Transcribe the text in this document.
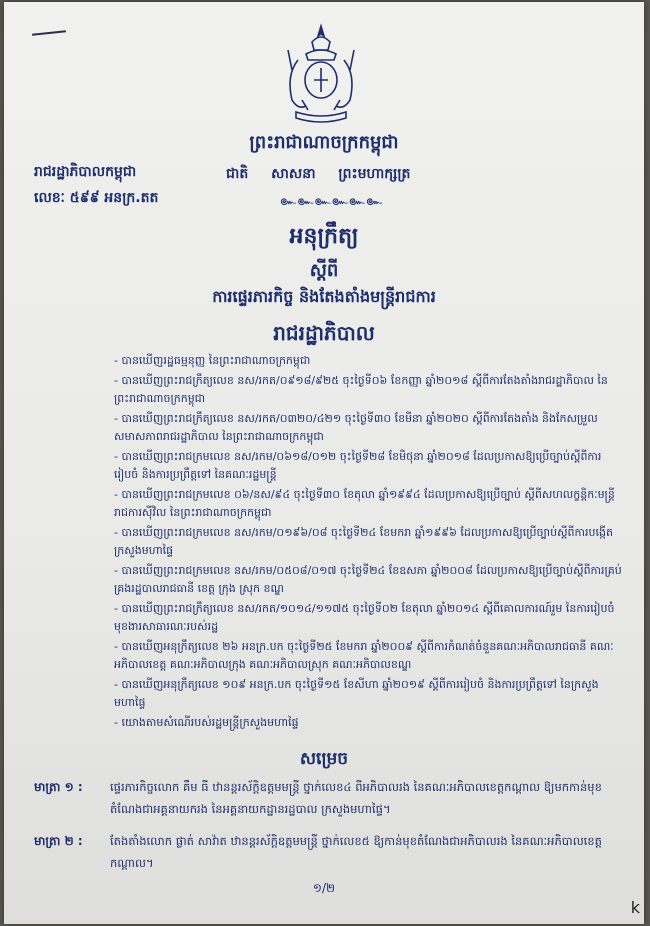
ព្រះរាជាណាចក្រកម្ពុជា
រាជរដ្ឋាភិបាលកម្ពុជា	ជាតិ សាសនា ព្រះមហាក្សត្រ
លេខៈ ៥៩៩ អនក្រ.តត	๛๛๛๛๛๛
អនុក្រឹត្យ
ស្តីពី
ការផ្ទេរភារកិច្ច និងតែងតាំងមន្ត្រីរាជការ
រាជរដ្ឋាភិបាល

- បានឃើញរដ្ឋធម្មនុញ្ញ នៃព្រះរាជាណាចក្រកម្ពុជា

- បានឃើញព្រះរាជក្រឹត្យលេខ នស/រកត/០៩១៨/៩២៥ ចុះថ្ងៃទី០៦ ខែកញ្ញា ឆ្នាំ២០១៨ ស្តីពីការតែងតាំងរាជរដ្ឋាភិបាល នៃព្រះរាជាណាចក្រកម្ពុជា

- បានឃើញព្រះរាជក្រឹត្យលេខ នស/រកត/០៣២០/៤២១ ចុះថ្ងៃទី៣០ ខែមីនា ឆ្នាំ២០២០ ស្តីពីការតែងតាំង និងកែសម្រួលសមាសភាពរាជរដ្ឋាភិបាល នៃព្រះរាជាណាចក្រកម្ពុជា

- បានឃើញព្រះរាជក្រមលេខ នស/រកម/០៦១៨/០១២ ចុះថ្ងៃទី២៨ ខែមិថុនា ឆ្នាំ២០១៨ ដែលប្រកាសឱ្យប្រើច្បាប់ស្តីពីការរៀបចំ និងការប្រព្រឹត្តទៅ នៃគណៈរដ្ឋមន្ត្រី

- បានឃើញព្រះរាជក្រមលេខ ០៦/នស/៩៤ ចុះថ្ងៃទី៣០ ខែតុលា ឆ្នាំ១៩៩៤ ដែលប្រកាសឱ្យប្រើច្បាប់ ស្តីពីសហលក្ខន្តិកៈមន្ត្រីរាជការស៊ីវិល នៃព្រះរាជាណាចក្រកម្ពុជា

- បានឃើញព្រះរាជក្រមលេខ នស/រកម/០១៩៦/០៨ ចុះថ្ងៃទី២៤ ខែមករា ឆ្នាំ១៩៩៦ ដែលប្រកាសឱ្យប្រើច្បាប់ស្តីពីការបង្កើតក្រសួងមហាផ្ទៃ

- បានឃើញព្រះរាជក្រមលេខ នស/រកម/០៥០៨/០១៧ ចុះថ្ងៃទី២៤ ខែឧសភា ឆ្នាំ២០០៨ ដែលប្រកាសឱ្យប្រើច្បាប់ស្តីពីការគ្រប់គ្រងរដ្ឋបាលរាជធានី ខេត្ត ក្រុង ស្រុក ខណ្ឌ

- បានឃើញព្រះរាជក្រឹត្យលេខ នស/រកត/១០១៤/១១៧៥ ចុះថ្ងៃទី០២ ខែតុលា ឆ្នាំ២០១៤ ស្តីពីគោលការណ៍រួម នៃការរៀបចំមុខងារសាធារណៈរបស់រដ្ឋ

- បានឃើញអនុក្រឹត្យលេខ ២៦ អនក្រ.បក ចុះថ្ងៃទី២៥ ខែមករា ឆ្នាំ២០០៩ ស្តីពីការកំណត់ចំនួនគណៈអភិបាលរាជធានី គណៈអភិបាលខេត្ត គណៈអភិបាលក្រុង គណៈអភិបាលស្រុក គណៈអភិបាលខណ្ឌ

- បានឃើញអនុក្រឹត្យលេខ ១០៩ អនក្រ.បក ចុះថ្ងៃទី១៥ ខែសីហា ឆ្នាំ២០១៩ ស្តីពីការរៀបចំ និងការប្រព្រឹត្តទៅ នៃក្រសួងមហាផ្ទៃ

- យោងតាមសំណើរបស់រដ្ឋមន្ត្រីក្រសួងមហាផ្ទៃ

សម្រេច
មាត្រា ១ : ផ្ទេរភារកិច្ចលោក គឹម ធី ឋានន្តរស័ក្តិឧត្តមមន្ត្រី ថ្នាក់លេខ៤ ពីអភិបាលរង នៃគណៈអភិបាលខេត្តកណ្តាល ឱ្យមកកាន់មុខតំណែងជាអគ្គនាយករង នៃអគ្គនាយកដ្ឋានរដ្ឋបាល ក្រសួងមហាផ្ទៃ។
មាត្រា ២ : តែងតាំងលោក ផ្លាត់ សាវ៉ាត ឋានន្តរស័ក្តិឧត្តមមន្ត្រី ថ្នាក់លេខ៥ ឱ្យកាន់មុខតំណែងជាអភិបាលរង នៃគណៈអភិបាលខេត្តកណ្តាល។
១/២
k
